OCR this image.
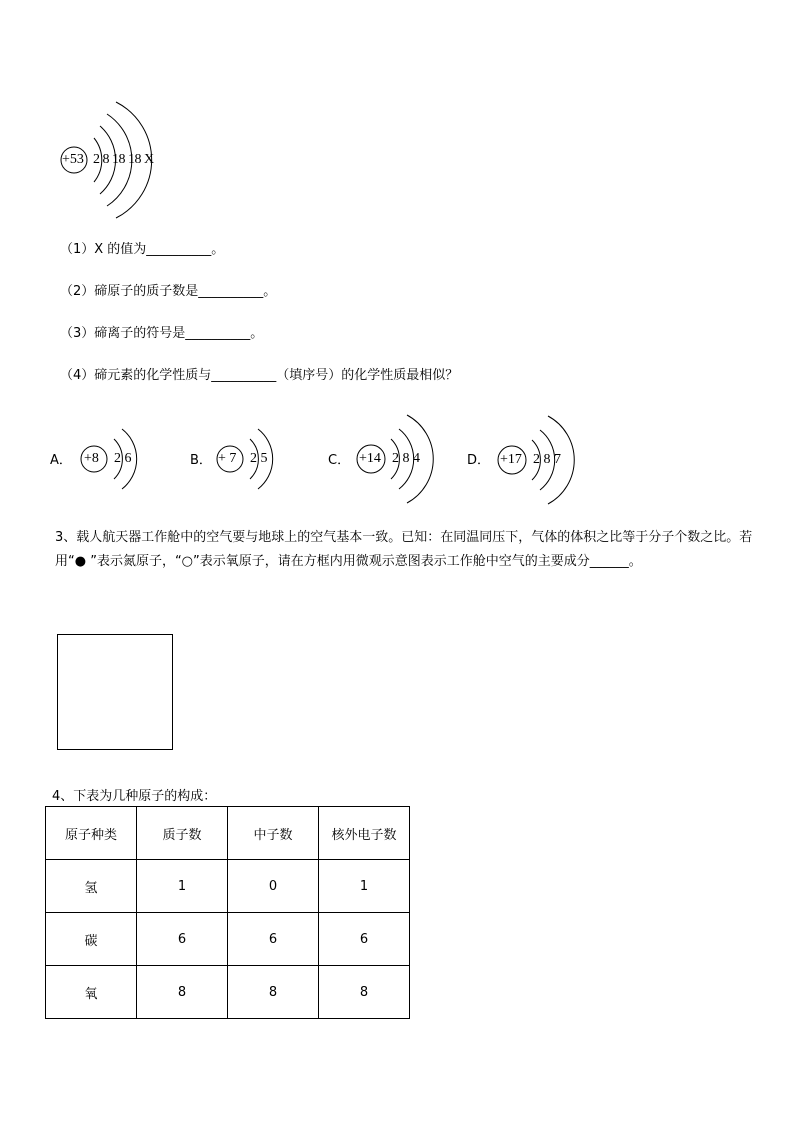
+53 2 8 18 18 X
（1）X 的值为__________。
（2）碲原子的质子数是__________。
（3）碲离子的符号是__________。
（4）碲元素的化学性质与__________（填序号）的化学性质最相似？
A． +8 2 6	B． + 7 2 5	C． +14 2 8 4	D． +17 2 8 7
3、载人航天器工作舱中的空气要与地球上的空气基本一致。已知：在同温同压下，气体的体积之比等于分子个数之比。若用“● ”表示氮原子，“○”表示氧原子，请在方框内用微观示意图表示工作舱中空气的主要成分______。
4、下表为几种原子的构成：
原子种类	质子数	中子数	核外电子数
氢	1	0	1
碳	6	6	6
氧	8	8	8
